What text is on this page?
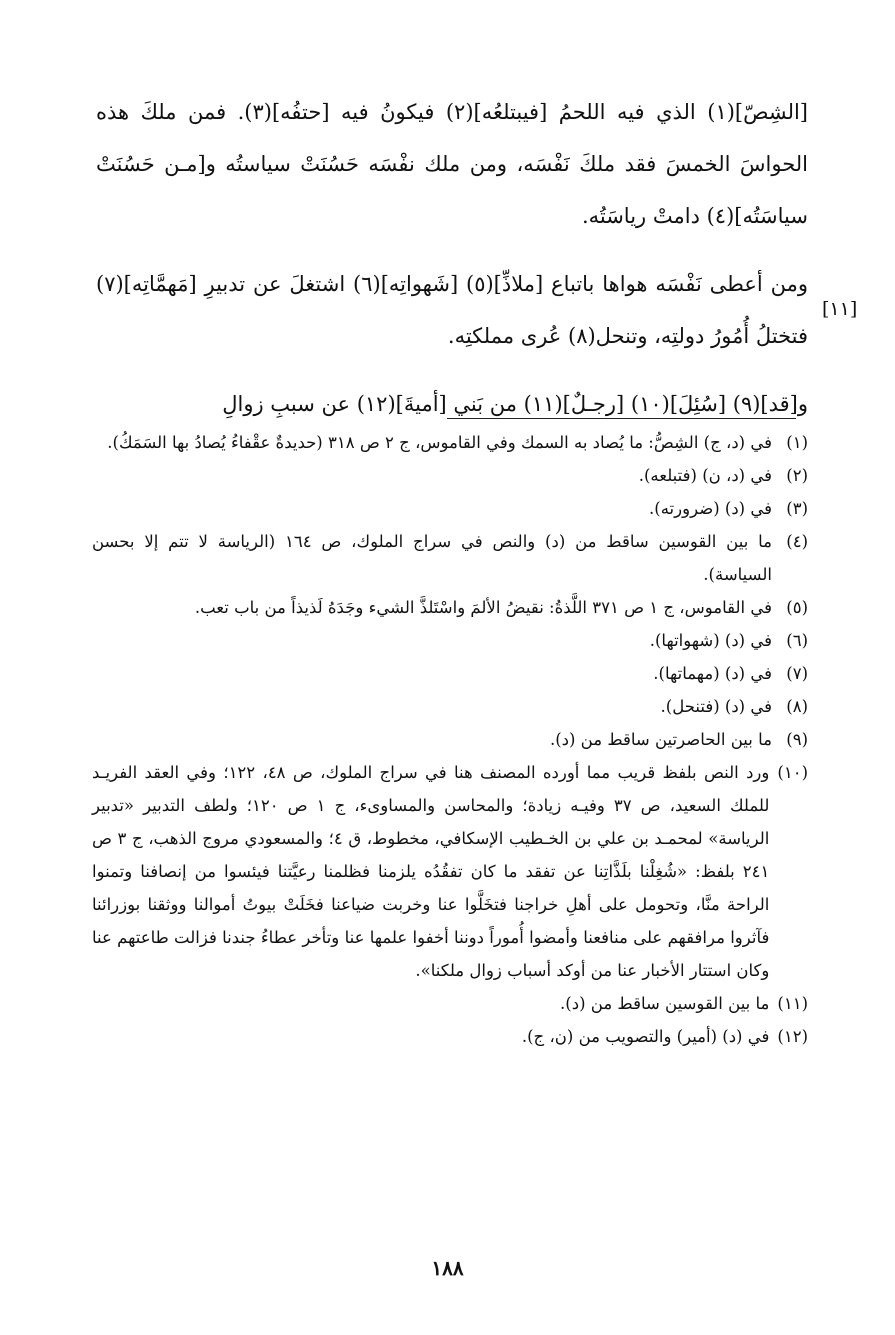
[الشِصّ](١) الذي فيه اللحمُ [فيبتلعُه](٢) فيكونُ فيه [حتفُه](٣). فمن ملكَ هذه الحواسَ الخمسَ فقد ملكَ نَفْسَه، ومن ملك نفْسَه حَسُنَتْ سياستُه و[مـن حَسُنَتْ سياسَتُه](٤) دامتْ رياسَتُه.

ومن أعطى نَفْسَه هواها باتباع [ملاذِّ](٥) [شَهواتِه](٦) اشتغلَ عن تدبيرِ [مَهمَّاتِه](٧) فتختلُ أُمُورُ دولتِه، وتنحل(٨) عُرى مملكتِه.

و[قد](٩) [سُئِلَ](١٠) [رجـلٌ](١١) من بَني [أميةَ](١٢) عن سببِ زوالِ

[١١]
(١)
في (د، ج) الشِصُّ: ما يُصاد به السمك وفي القاموس، ج ٢ ص ٣١٨ (حديدةٌ عقْفاءُ يُصادُ بها السَمَكُ).
(٢)
في (د، ن) (فتبلعه).
(٣)
في (د) (ضرورته).
(٤)
ما بين القوسين ساقط من (د) والنص في سراج الملوك، ص ١٦٤ (الرياسة لا تتم إلا بحسن السياسة).
(٥)
في القاموس، ج ١ ص ٣٧١ اللَّذةُ: نقيضُ الألمَ واسْتَلذَّ الشيء وجَدَهُ لَذيذاً من باب تعب.
(٦)
في (د) (شهواتها).
(٧)
في (د) (مهماتها).
(٨)
في (د) (فتنحل).
(٩)
ما بين الحاصرتين ساقط من (د).
(١٠)
ورد النص بلفظ قريب مما أورده المصنف هنا في سراج الملوك، ص ٤٨، ١٢٢؛ وفي العقد الفريـد للملك السعيد، ص ٣٧ وفيـه زيادة؛ والمحاسن والمساوىء، ج ١ ص ١٢٠؛ ولطف التدبير «تدبير الرياسة» لمحمـد بن علي بن الخـطيب الإسكافي، مخطوط، ق ٤؛ والمسعودي مروج الذهب، ج ٣ ص ٢٤١ بلفظ: «شُغِلْنا بلَذَّاتِنا عن تفقد ما كان تفقُدُه يلزمنا فظلمنا رعيَّتنا فيئسوا من إنصافنا وتمنوا الراحة منَّا، وتحومل على أهلِ خراجنا فتخَلَّوا عنا وخربت ضياعنا فخَلَتْ بيوتُ أموالنا ووثقنا بوزرائنا فآثروا مرافقهم على منافعنا وأمضوا أُموراً دوننا أخفوا علمها عنا وتأخر عطاءُ جندنا فزالت طاعتهم عنا وكان استتار الأخبار عنا من أوكد أسباب زوال ملكنا».
(١١)
ما بين القوسين ساقط من (د).
(١٢)
في (د) (أمير) والتصويب من (ن، ج).
١٨٨
